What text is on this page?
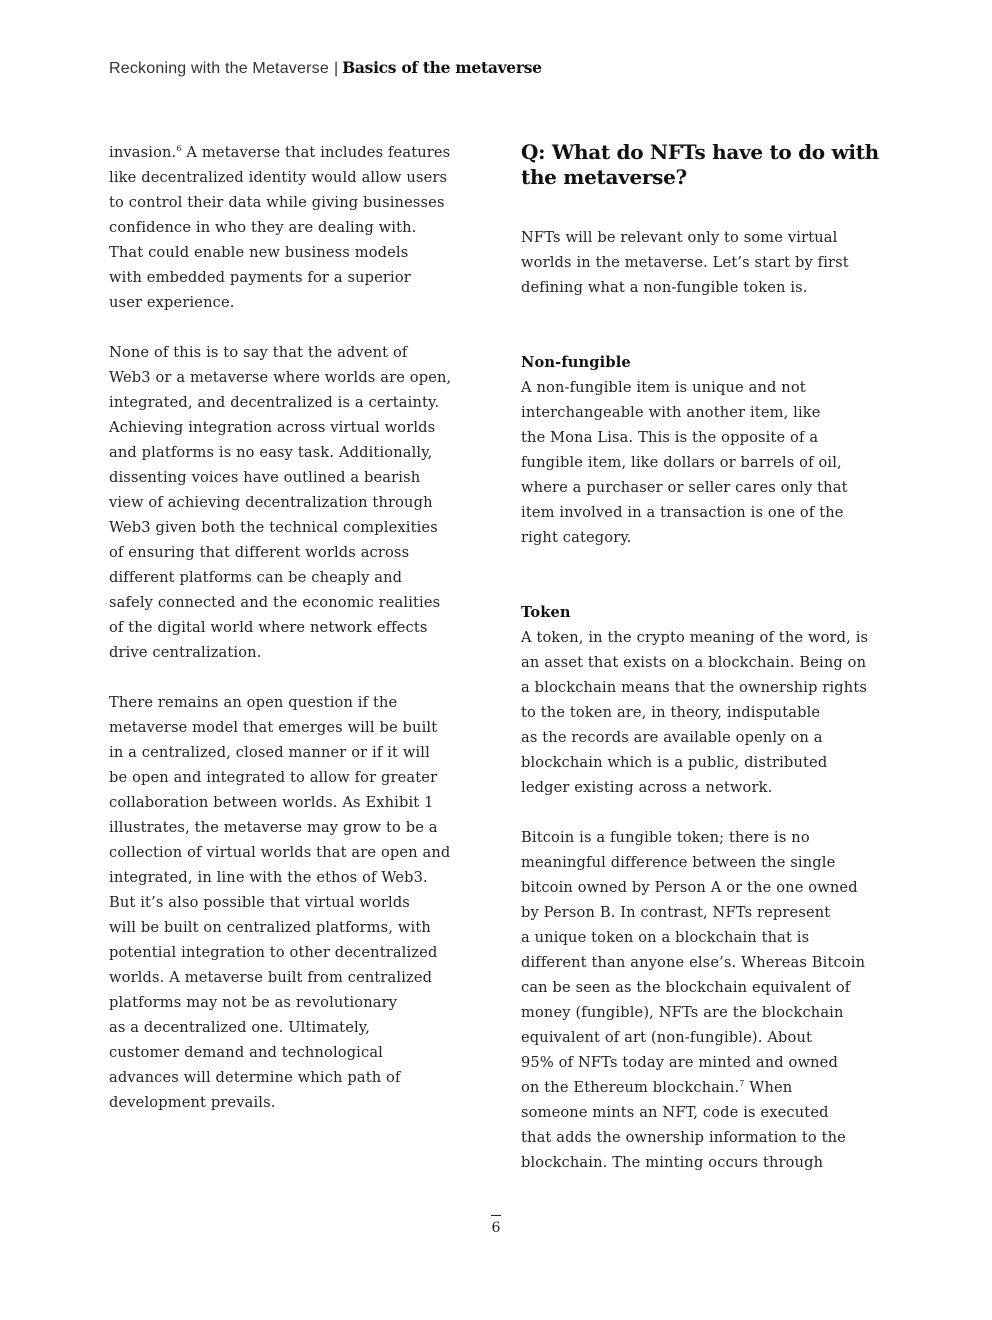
Reckoning with the Metaverse | Basics of the metaverse
invasion.$^6$ A metaverse that includes features
like decentralized identity would allow users
to control their data while giving businesses
confidence in who they are dealing with.
That could enable new business models
with embedded payments for a superior
user experience.
None of this is to say that the advent of
Web3 or a metaverse where worlds are open,
integrated, and decentralized is a certainty.
Achieving integration across virtual worlds
and platforms is no easy task. Additionally,
dissenting voices have outlined a bearish
view of achieving decentralization through
Web3 given both the technical complexities
of ensuring that different worlds across
different platforms can be cheaply and
safely connected and the economic realities
of the digital world where network effects
drive centralization.
There remains an open question if the
metaverse model that emerges will be built
in a centralized, closed manner or if it will
be open and integrated to allow for greater
collaboration between worlds. As Exhibit 1
illustrates, the metaverse may grow to be a
collection of virtual worlds that are open and
integrated, in line with the ethos of Web3.
But it’s also possible that virtual worlds
will be built on centralized platforms, with
potential integration to other decentralized
worlds. A metaverse built from centralized
platforms may not be as revolutionary
as a decentralized one. Ultimately,
customer demand and technological
advances will determine which path of
development prevails.
Q: What do NFTs have to do with
the metaverse?
NFTs will be relevant only to some virtual
worlds in the metaverse. Let’s start by first
defining what a non-fungible token is.
Non-fungible
A non-fungible item is unique and not
interchangeable with another item, like
the Mona Lisa. This is the opposite of a
fungible item, like dollars or barrels of oil,
where a purchaser or seller cares only that
item involved in a transaction is one of the
right category.
Token
A token, in the crypto meaning of the word, is
an asset that exists on a blockchain. Being on
a blockchain means that the ownership rights
to the token are, in theory, indisputable
as the records are available openly on a
blockchain which is a public, distributed
ledger existing across a network.
Bitcoin is a fungible token; there is no
meaningful difference between the single
bitcoin owned by Person A or the one owned
by Person B. In contrast, NFTs represent
a unique token on a blockchain that is
different than anyone else’s. Whereas Bitcoin
can be seen as the blockchain equivalent of
money (fungible), NFTs are the blockchain
equivalent of art (non-fungible). About
95% of NFTs today are minted and owned
on the Ethereum blockchain.$^7$ When
someone mints an NFT, code is executed
that adds the ownership information to the
blockchain. The minting occurs through
6
